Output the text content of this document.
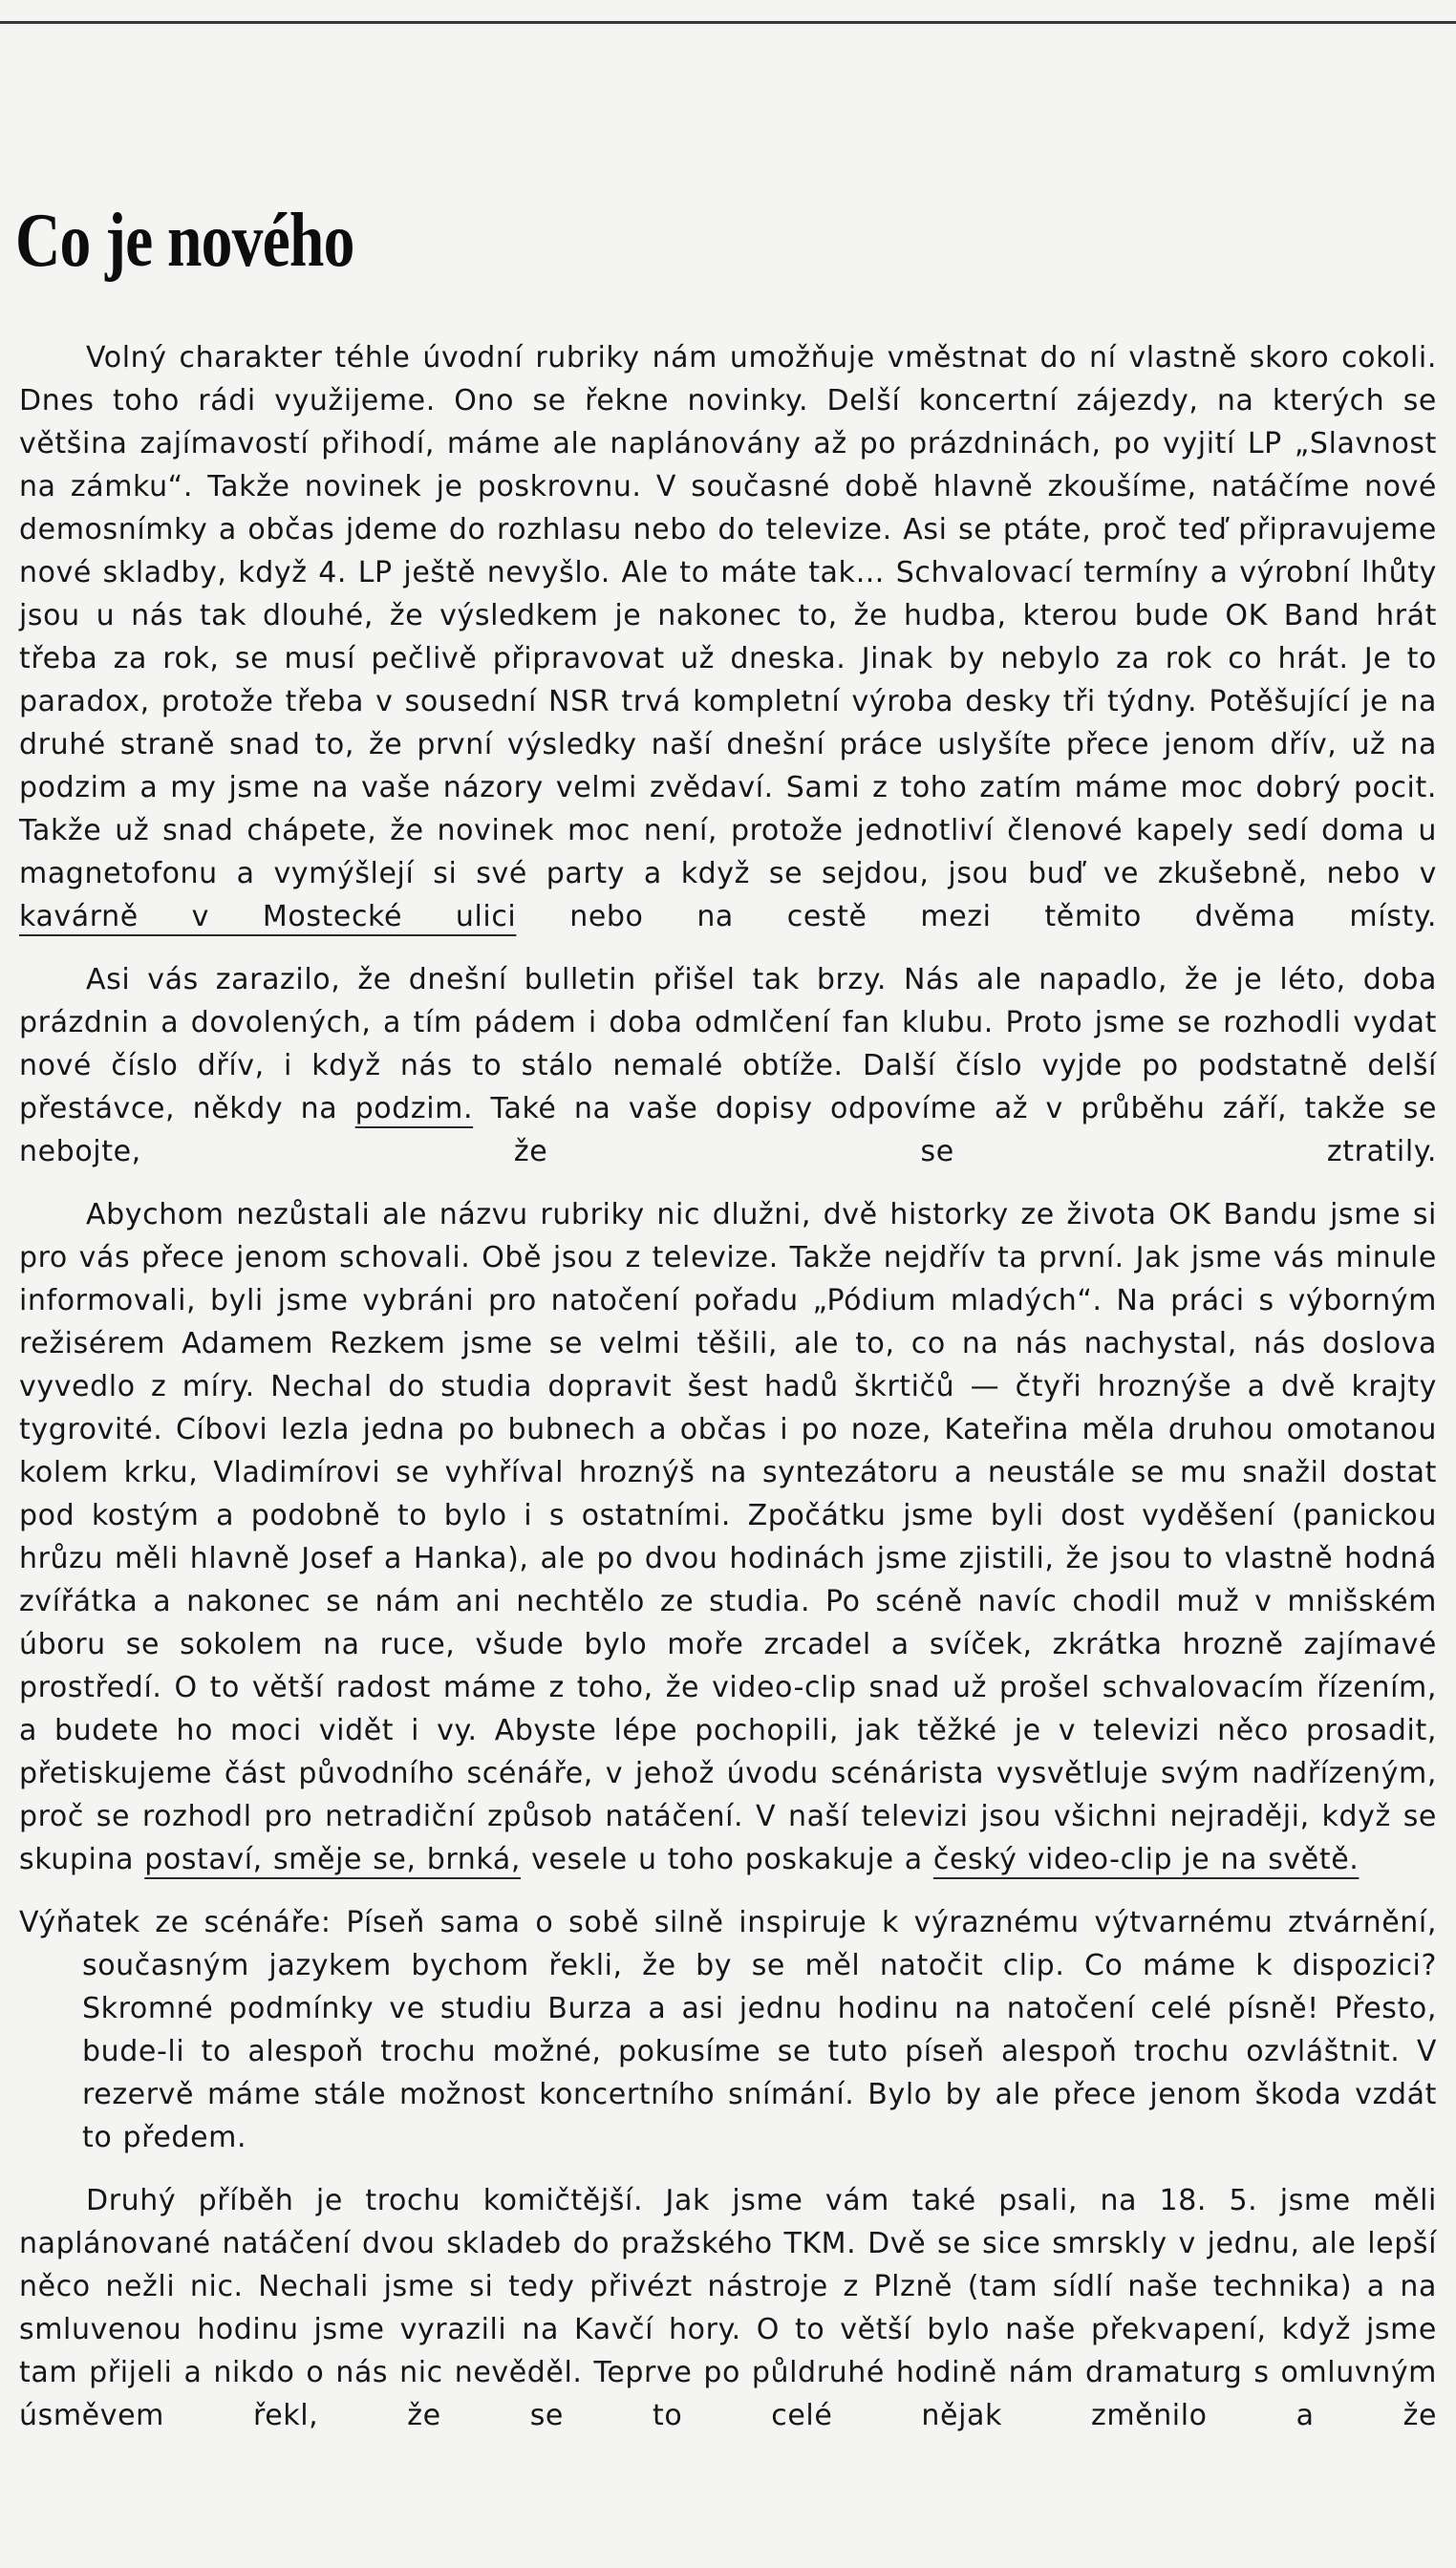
Co je nového

Volný charakter téhle úvodní rubriky nám umožňuje vměstnat do ní vlastně skoro cokoli. Dnes toho rádi využijeme. Ono se řekne novinky. Delší koncertní zájezdy, na kterých se většina zajímavostí přihodí, máme ale naplánovány až po prázdninách, po vyjití LP „Slavnost na zámku“. Takže novinek je poskrovnu. V současné době hlavně zkoušíme, natáčíme nové demosnímky a občas jdeme do rozhlasu nebo do televize. Asi se ptáte, proč teď připravujeme nové skladby, když 4. LP ještě nevyšlo. Ale to máte tak… Schvalovací termíny a výrobní lhůty jsou u nás tak dlouhé, že výsledkem je nakonec to, že hudba, kterou bude OK Band hrát třeba za rok, se musí pečlivě připravovat už dneska. Jinak by nebylo za rok co hrát. Je to paradox, protože třeba v sousední NSR trvá kompletní výroba desky tři týdny. Potěšující je na druhé straně snad to, že první výsledky naší dnešní práce uslyšíte přece jenom dřív, už na podzim a my jsme na vaše názory velmi zvědaví. Sami z toho zatím máme moc dobrý pocit. Takže už snad chápete, že novinek moc není, protože jednotliví členové kapely sedí doma u magnetofonu a vymýšlejí si své party a když se sejdou, jsou buď ve zkušebně, nebo v kavárně v Mostecké ulici nebo na cestě mezi těmito dvěma místy.

Asi vás zarazilo, že dnešní bulletin přišel tak brzy. Nás ale napadlo, že je léto, doba prázdnin a dovolených, a tím pádem i doba odmlčení fan klubu. Proto jsme se rozhodli vydat nové číslo dřív, i když nás to stálo nemalé obtíže. Další číslo vyjde po podstatně delší přestávce, někdy na podzim. Také na vaše dopisy odpovíme až v průběhu září, takže se nebojte, že se ztratily.

Abychom nezůstali ale názvu rubriky nic dlužni, dvě historky ze života OK Bandu jsme si pro vás přece jenom schovali. Obě jsou z televize. Takže nejdřív ta první. Jak jsme vás minule informovali, byli jsme vybráni pro natočení pořadu „Pódium mladých“. Na práci s výborným režisérem Adamem Rezkem jsme se velmi těšili, ale to, co na nás nachystal, nás doslova vyvedlo z míry. Nechal do studia dopravit šest hadů škrtičů — čtyři hroznýše a dvě krajty tygrovité. Cíbovi lezla jedna po bubnech a občas i po noze, Kateřina měla druhou omotanou kolem krku, Vladimírovi se vyhříval hroznýš na syntezátoru a neustále se mu snažil dostat pod kostým a podobně to bylo i s ostatními. Zpočátku jsme byli dost vyděšení (panickou hrůzu měli hlavně Josef a Hanka), ale po dvou hodinách jsme zjistili, že jsou to vlastně hodná zvířátka a nakonec se nám ani nechtělo ze studia. Po scéně navíc chodil muž v mnišském úboru se sokolem na ruce, všude bylo moře zrcadel a svíček, zkrátka hrozně zajímavé prostředí. O to větší radost máme z toho, že video-clip snad už prošel schvalovacím řízením, a budete ho moci vidět i vy. Abyste lépe pochopili, jak těžké je v televizi něco prosadit, přetiskujeme část původního scénáře, v jehož úvodu scénárista vysvětluje svým nadřízeným, proč se rozhodl pro netradiční způsob natáčení. V naší televizi jsou všichni nejraději, když se skupina postaví, směje se, brnká, vesele u toho poskakuje a český video-clip je na světě.

Výňatek ze scénáře: Píseň sama o sobě silně inspiruje k výraznému výtvarnému ztvárnění, současným jazykem bychom řekli, že by se měl natočit clip. Co máme k dispozici? Skromné podmínky ve studiu Burza a asi jednu hodinu na natočení celé písně! Přesto, bude-li to alespoň trochu možné, pokusíme se tuto píseň alespoň trochu ozvláštnit. V rezervě máme stále možnost koncertního snímání. Bylo by ale přece jenom škoda vzdát to předem.

Druhý příběh je trochu komičtější. Jak jsme vám také psali, na 18. 5. jsme měli naplánované natáčení dvou skladeb do pražského TKM. Dvě se sice smrskly v jednu, ale lepší něco nežli nic. Nechali jsme si tedy přivézt nástroje z Plzně (tam sídlí naše technika) a na smluvenou hodinu jsme vyrazili na Kavčí hory. O to větší bylo naše překvapení, když jsme tam přijeli a nikdo o nás nic nevěděl. Teprve po půldruhé hodině nám dramaturg s omluvným úsměvem řekl, že se to celé nějak změnilo a že
